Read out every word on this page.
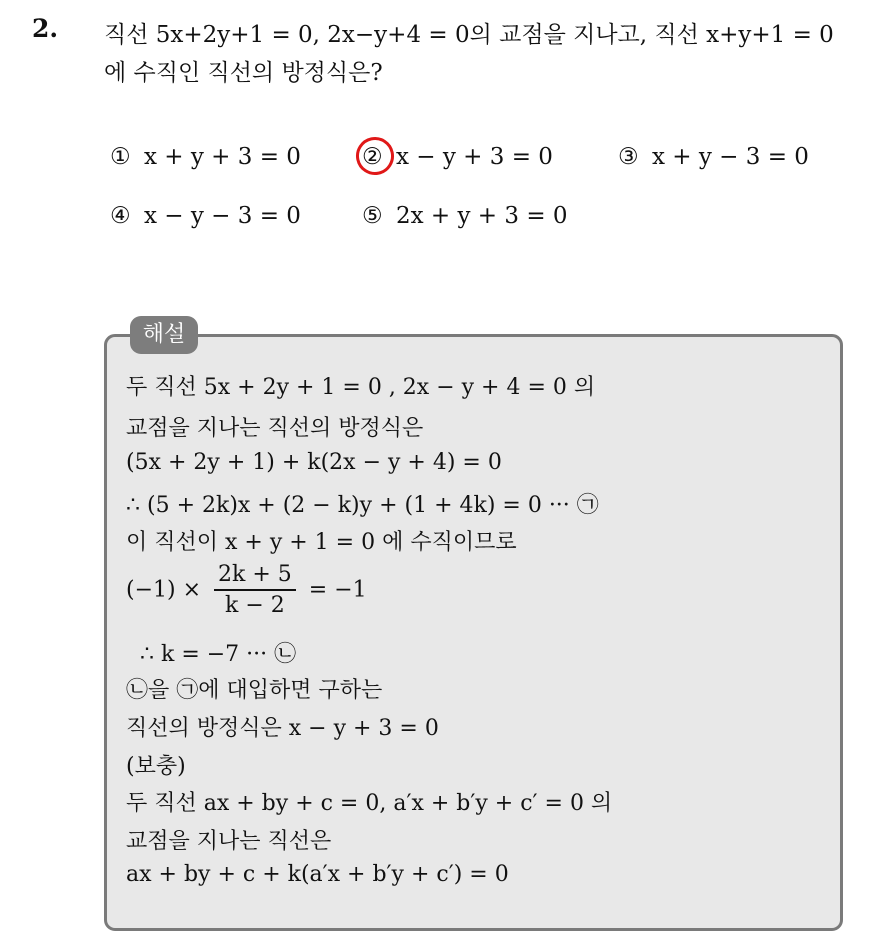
2. 직선 5x+2y+1 = 0, 2x−y+4 = 0의 교점을 지나고, 직선 x+y+1 = 0
에 수직인 직선의 방정식은?
① x + y + 3 = 0	② x − y + 3 = 0	③ x + y − 3 = 0
④ x − y − 3 = 0	⑤ 2x + y + 3 = 0
해설
두 직선 5x + 2y + 1 = 0 , 2x − y + 4 = 0 의
교점을 지나는 직선의 방정식은
(5x + 2y + 1) + k(2x − y + 4) = 0
∴ (5 + 2k)x + (2 − k)y + (1 + 4k) = 0 ··· ㉠
이 직선이 x + y + 1 = 0 에 수직이므로
$(-1) \times \frac{2k + 5}{k - 2} = -1$
∴ k = −7 ··· ㉡
㉡을 ㉠에 대입하면 구하는
직선의 방정식은 x − y + 3 = 0
(보충)
두 직선 ax + by + c = 0, a′x + b′y + c′ = 0 의
교점을 지나는 직선은
ax + by + c + k(a′x + b′y + c′) = 0
